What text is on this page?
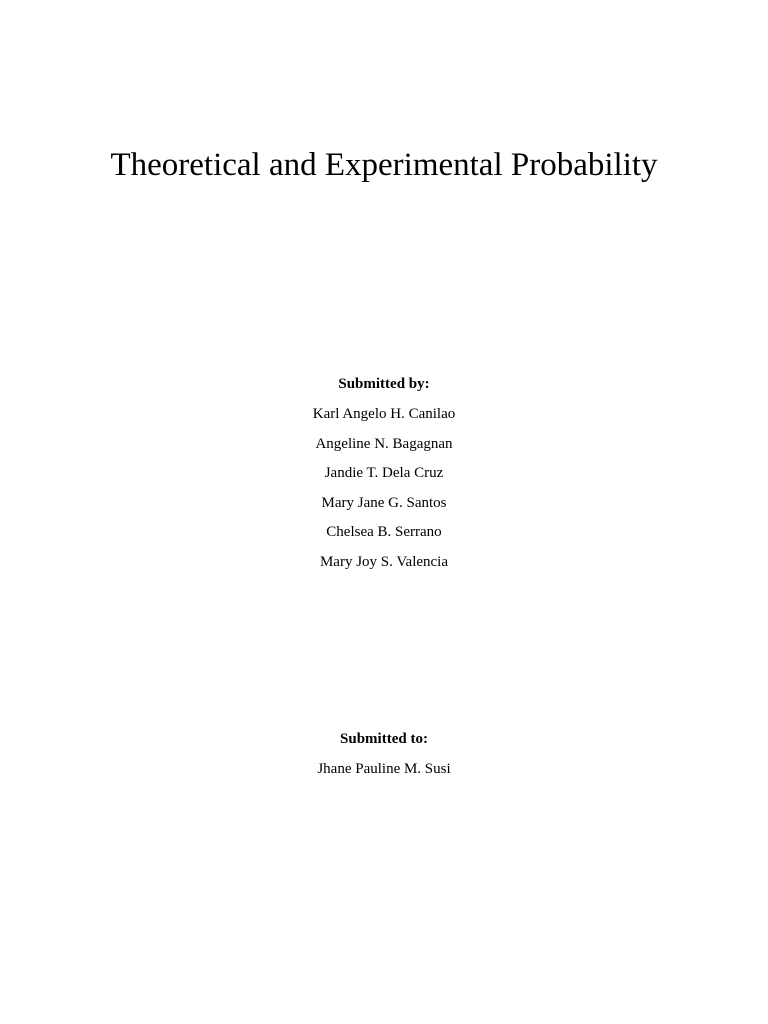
Theoretical and Experimental Probability
Submitted by:
Karl Angelo H. Canilao
Angeline N. Bagagnan
Jandie T. Dela Cruz
Mary Jane G. Santos
Chelsea B. Serrano
Mary Joy S. Valencia
Submitted to:
Jhane Pauline M. Susi
